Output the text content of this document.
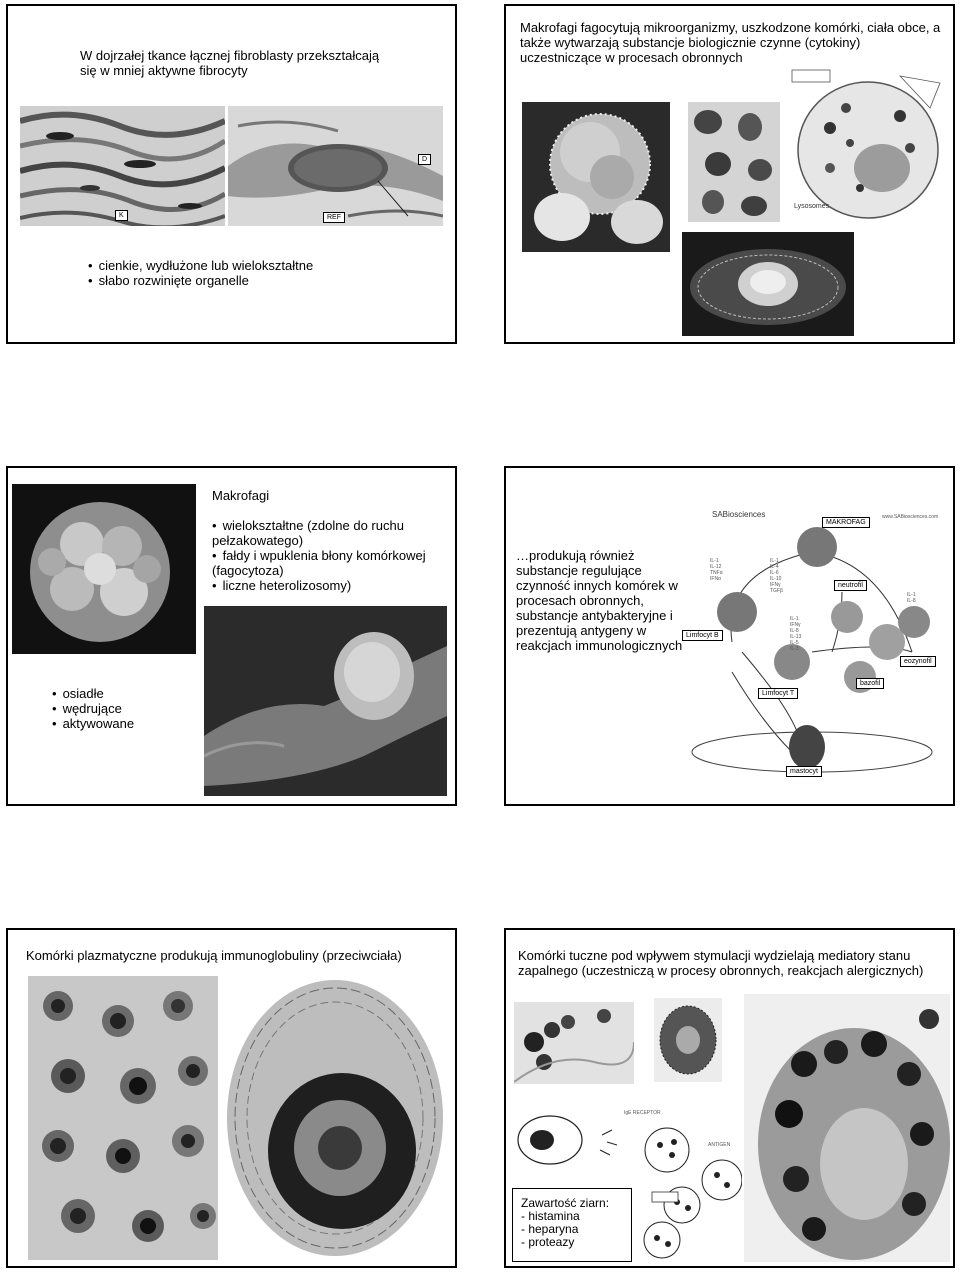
W dojrzałej tkance łącznej fibroblasty przekształcają się w mniej aktywne fibrocyty
K	REF
D
• cienkie, wydłużone lub wielokształtne
• słabo rozwinięte organelle
Makrofagi fagocytują mikroorganizmy, uszkodzone komórki, ciała obce, a także wytwarzają substancje biologicznie czynne (cytokiny) uczestniczące w procesach obronnych
Lysosomes
Makrofagi
• wielokształtne (zdolne do ruchu pełzakowatego)
• fałdy i wpuklenia błony komórkowej (fagocytoza)
• liczne heterolizosomy)
• osiadłe
• wędrujące
• aktywowane
…produkują również substancje regulujące czynność innych komórek w procesach obronnych, substancje antybakteryjne i prezentują antygeny w reakcjach immunologicznych
SABiosciences	www.SABiosciences.com
MAKROFAG
Limfocyt B
Limfocyt T
neutrofil
bazofil
eozynofil
mastocyt
IL-1
IL-12
TNFα
IFNα
IL-1
IL-4
IL-6
IL-10
IFNγ
TGFβ
IL-1
IFNγ
IL-8
IL-13
IL-5
IL-3
IL-1
IL-8
Komórki plazmatyczne produkują immunoglobuliny (przeciwciała)	Komórki tuczne pod wpływem stymulacji wydzielają mediatory stanu zapalnego (uczestniczą w procesy obronnych, reakcjach alergicznych)
IgE RECEPTOR
ANTIGEN
Zawartość ziarn:
- histamina
- heparyna
- proteazy
